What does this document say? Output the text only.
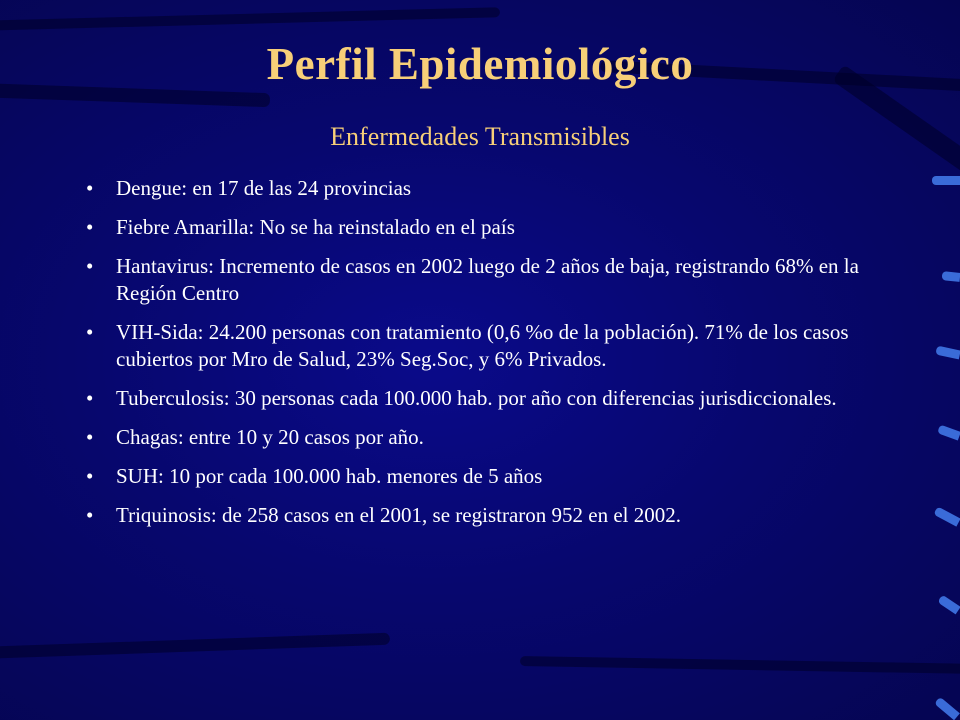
Perfil Epidemiológico
Enfermedades Transmisibles
• Dengue: en 17 de las 24 provincias
• Fiebre Amarilla: No se ha reinstalado en el país
• Hantavirus: Incremento de casos en 2002 luego de 2 años de baja, registrando 68% en la Región Centro
• VIH-Sida: 24.200 personas con tratamiento (0,6 %o de la población). 71% de los casos cubiertos por Mro de Salud, 23% Seg.Soc, y 6% Privados.
• Tuberculosis: 30 personas cada 100.000 hab. por año con diferencias jurisdiccionales.
• Chagas: entre 10 y 20 casos por año.
• SUH: 10 por cada 100.000 hab. menores de 5 años
• Triquinosis: de 258 casos en el 2001, se registraron 952 en el 2002.
